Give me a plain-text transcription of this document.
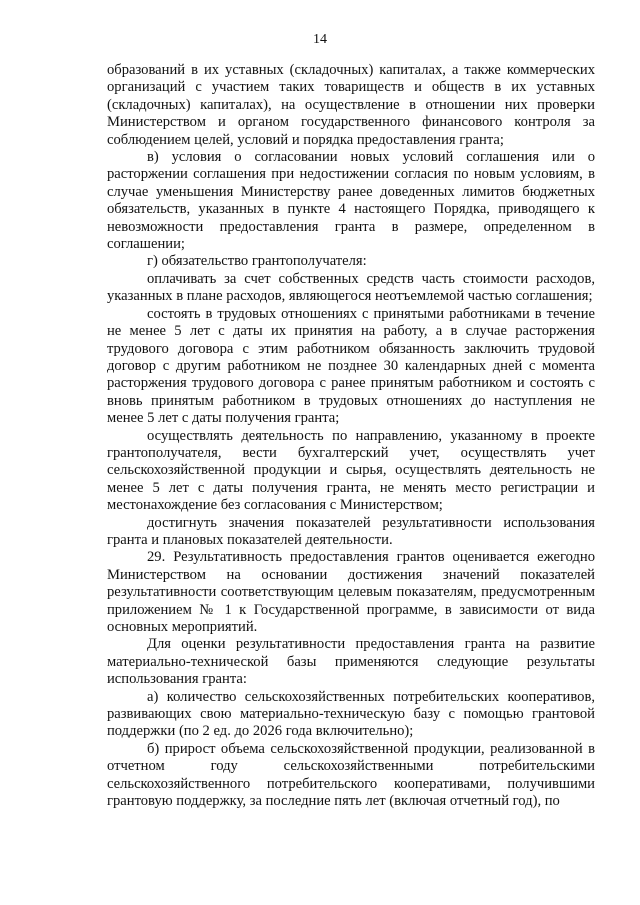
14

образований в их уставных (складочных) капиталах, а также коммерческих организаций с участием таких товариществ и обществ в их уставных (складочных) капиталах), на осуществление в отношении них проверки Министерством и органом государственного финансового контроля за соблюдением целей, условий и порядка предоставления гранта;

в) условия о согласовании новых условий соглашения или о расторжении соглашения при недостижении согласия по новым условиям, в случае уменьшения Министерству ранее доведенных лимитов бюджетных обязательств, указанных в пункте 4 настоящего Порядка, приводящего к невозможности предоставления гранта в размере, определенном в соглашении;

г) обязательство грантополучателя:

оплачивать за счет собственных средств часть стоимости расходов, указанных в плане расходов, являющегося неотъемлемой частью соглашения;

состоять в трудовых отношениях с принятыми работниками в течение не менее 5 лет с даты их принятия на работу, а в случае расторжения трудового договора с этим работником обязанность заключить трудовой договор с другим работником не позднее 30 календарных дней с момента расторжения трудового договора с ранее принятым работником и состоять с вновь принятым работником в трудовых отношениях до наступления не менее 5 лет с даты получения гранта;

осуществлять деятельность по направлению, указанному в проекте грантополучателя, вести бухгалтерский учет, осуществлять учет сельскохозяйственной продукции и сырья, осуществлять деятельность не менее 5 лет с даты получения гранта, не менять место регистрации и местонахождение без согласования с Министерством;

достигнуть значения показателей результативности использования гранта и плановых показателей деятельности.

29. Результативность предоставления грантов оценивается ежегодно Министерством на основании достижения значений показателей результативности соответствующим целевым показателям, предусмотренным приложением № 1 к Государственной программе, в зависимости от вида основных мероприятий.

Для оценки результативности предоставления гранта на развитие материально-технической базы применяются следующие результаты использования гранта:

а) количество сельскохозяйственных потребительских кооперативов, развивающих свою материально-техническую базу с помощью грантовой поддержки (по 2 ед. до 2026 года включительно);

б) прирост объема сельскохозяйственной продукции, реализованной в отчетном году сельскохозяйственными потребительскими сельскохозяйственного потребительского кооперативами, получившими грантовую поддержку, за последние пять лет (включая отчетный год), по
